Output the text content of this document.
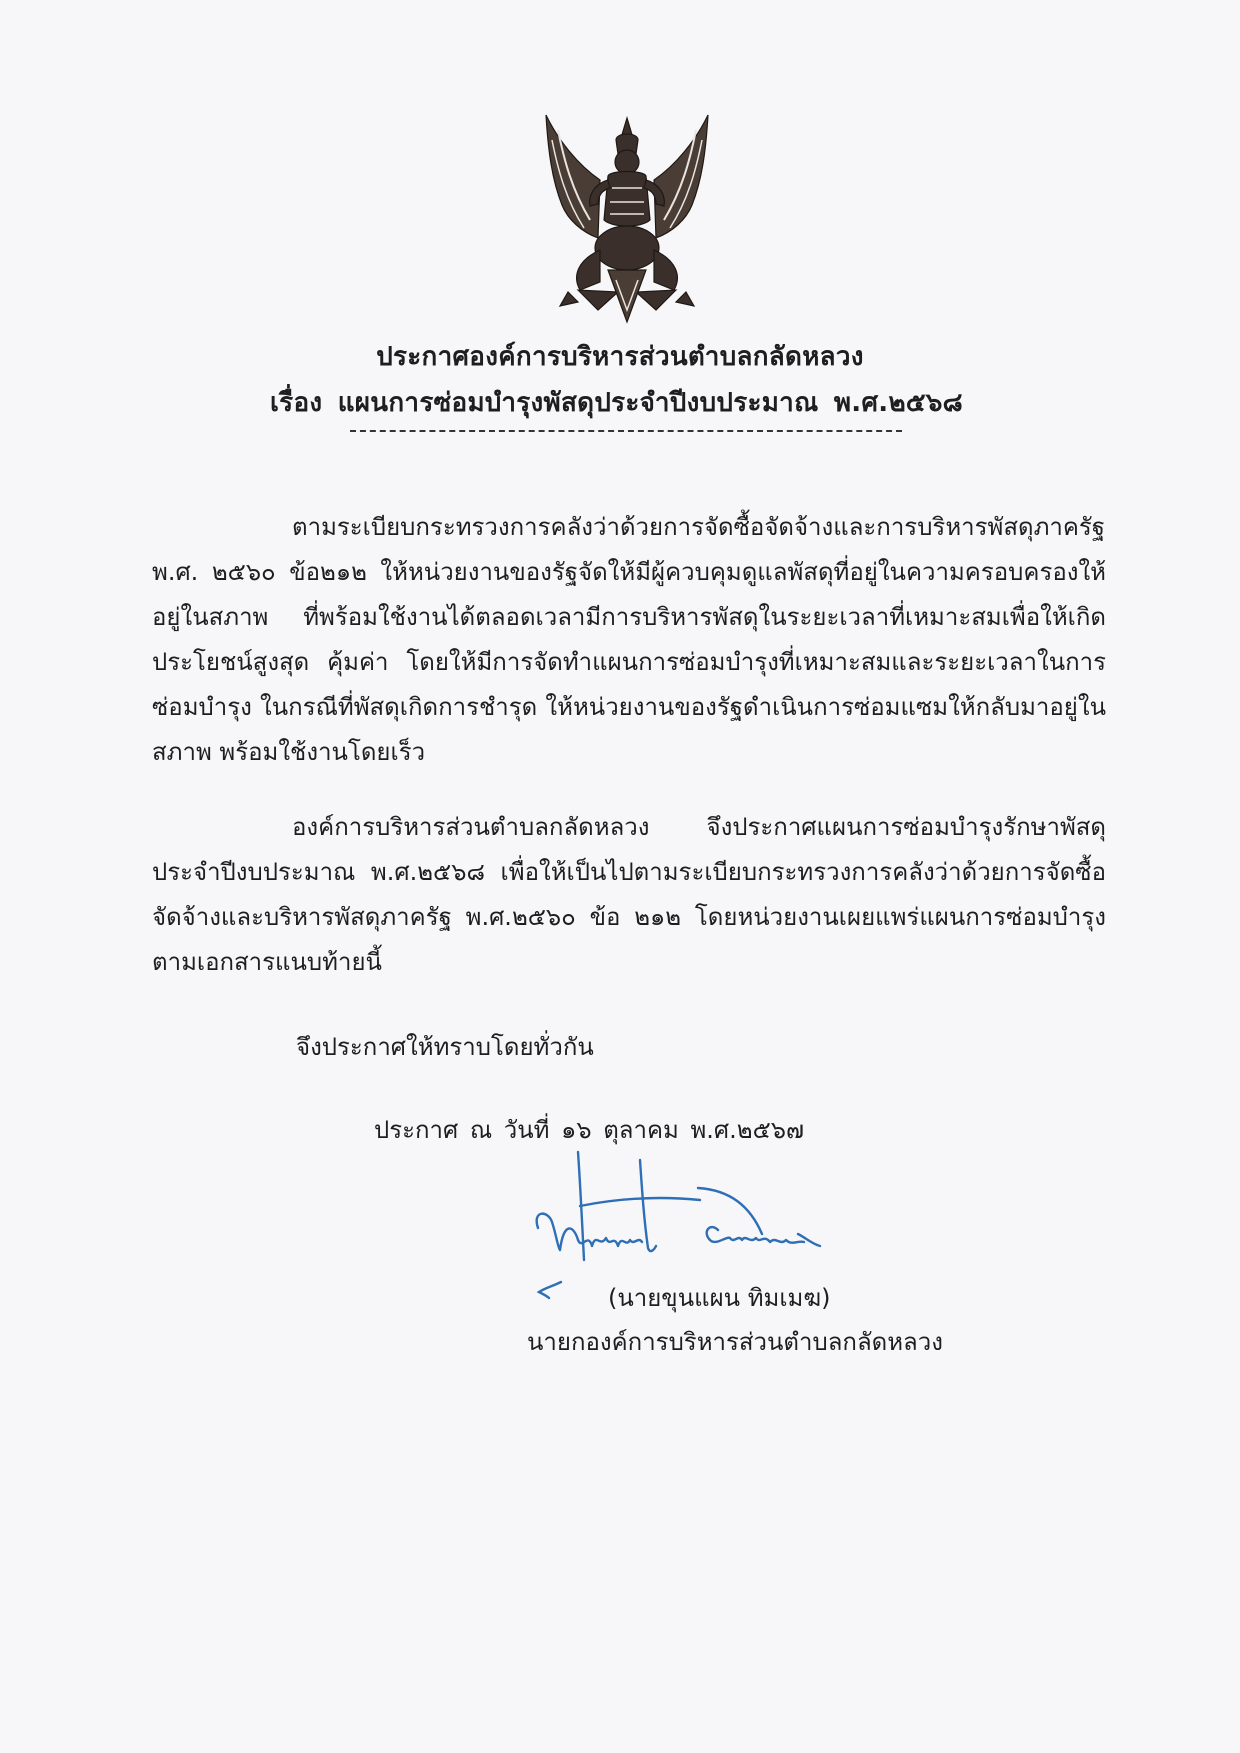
ประกาศองค์การบริหารส่วนตำบลกลัดหลวง
เรื่อง แผนการซ่อมบำรุงพัสดุประจำปีงบประมาณ พ.ศ.๒๕๖๘

ตามระเบียบกระทรวงการคลังว่าด้วยการจัดซื้อจัดจ้างและการบริหารพัสดุภาครัฐ พ.ศ. ๒๕๖๐ ข้อ๒๑๒ ให้หน่วยงานของรัฐจัดให้มีผู้ควบคุมดูแลพัสดุที่อยู่ในความครอบครองให้อยู่ในสภาพ ที่พร้อมใช้งานได้ตลอดเวลามีการบริหารพัสดุในระยะเวลาที่เหมาะสมเพื่อให้เกิดประโยชน์สูงสุด คุ้มค่า โดยให้มีการจัดทำแผนการซ่อมบำรุงที่เหมาะสมและระยะเวลาในการซ่อมบำรุง ในกรณีที่พัสดุเกิดการชำรุด ให้หน่วยงานของรัฐดำเนินการซ่อมแซมให้กลับมาอยู่ในสภาพ พร้อมใช้งานโดยเร็ว

องค์การบริหารส่วนตำบลกลัดหลวง จึงประกาศแผนการซ่อมบำรุงรักษาพัสดุประจำปีงบประมาณ พ.ศ.๒๕๖๘ เพื่อให้เป็นไปตามระเบียบกระทรวงการคลังว่าด้วยการจัดซื้อจัดจ้างและบริหารพัสดุภาครัฐ พ.ศ.๒๕๖๐ ข้อ ๒๑๒ โดยหน่วยงานเผยแพร่แผนการซ่อมบำรุงตามเอกสารแนบท้ายนี้

จึงประกาศให้ทราบโดยทั่วกัน
ประกาศ ณ วันที่ ๑๖ ตุลาคม พ.ศ.๒๕๖๗
(นายขุนแผน ทิมเมฆ)
นายกองค์การบริหารส่วนตำบลกลัดหลวง
